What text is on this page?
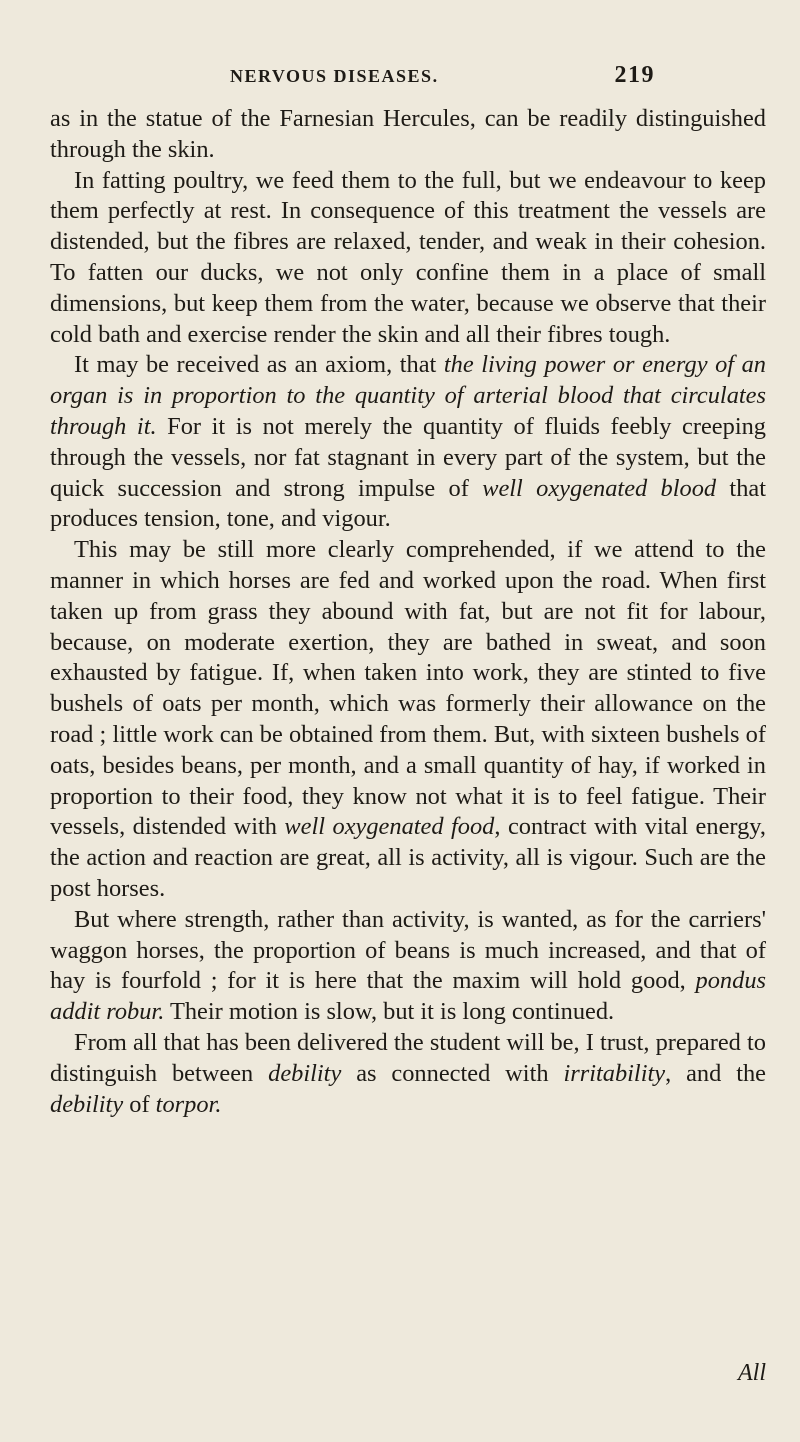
NERVOUS DISEASES.	219

as in the statue of the Farnesian Hercules, can be readily distinguished through the skin.

In fatting poultry, we feed them to the full, but we endeavour to keep them perfectly at rest. In consequence of this treatment the vessels are distended, but the fibres are relaxed, tender, and weak in their cohesion. To fatten our ducks, we not only confine them in a place of small dimensions, but keep them from the water, because we observe that their cold bath and exercise render the skin and all their fibres tough.

It may be received as an axiom, that the living power or energy of an organ is in proportion to the quantity of arterial blood that circulates through it. For it is not merely the quantity of fluids feebly creeping through the vessels, nor fat stagnant in every part of the system, but the quick succession and strong impulse of well oxygenated blood that produces tension, tone, and vigour.

This may be still more clearly comprehended, if we attend to the manner in which horses are fed and worked upon the road. When first taken up from grass they abound with fat, but are not fit for labour, because, on moderate exertion, they are bathed in sweat, and soon exhausted by fatigue. If, when taken into work, they are stinted to five bushels of oats per month, which was formerly their allowance on the road ; little work can be obtained from them. But, with sixteen bushels of oats, besides beans, per month, and a small quantity of hay, if worked in proportion to their food, they know not what it is to feel fatigue. Their vessels, distended with well oxygenated food, contract with vital energy, the action and reaction are great, all is activity, all is vigour. Such are the post horses.

But where strength, rather than activity, is wanted, as for the carriers' waggon horses, the proportion of beans is much increased, and that of hay is fourfold ; for it is here that the maxim will hold good, pondus addit robur. Their motion is slow, but it is long continued.

From all that has been delivered the student will be, I trust, prepared to distinguish between debility as connected with irritability, and the debility of torpor.

All
